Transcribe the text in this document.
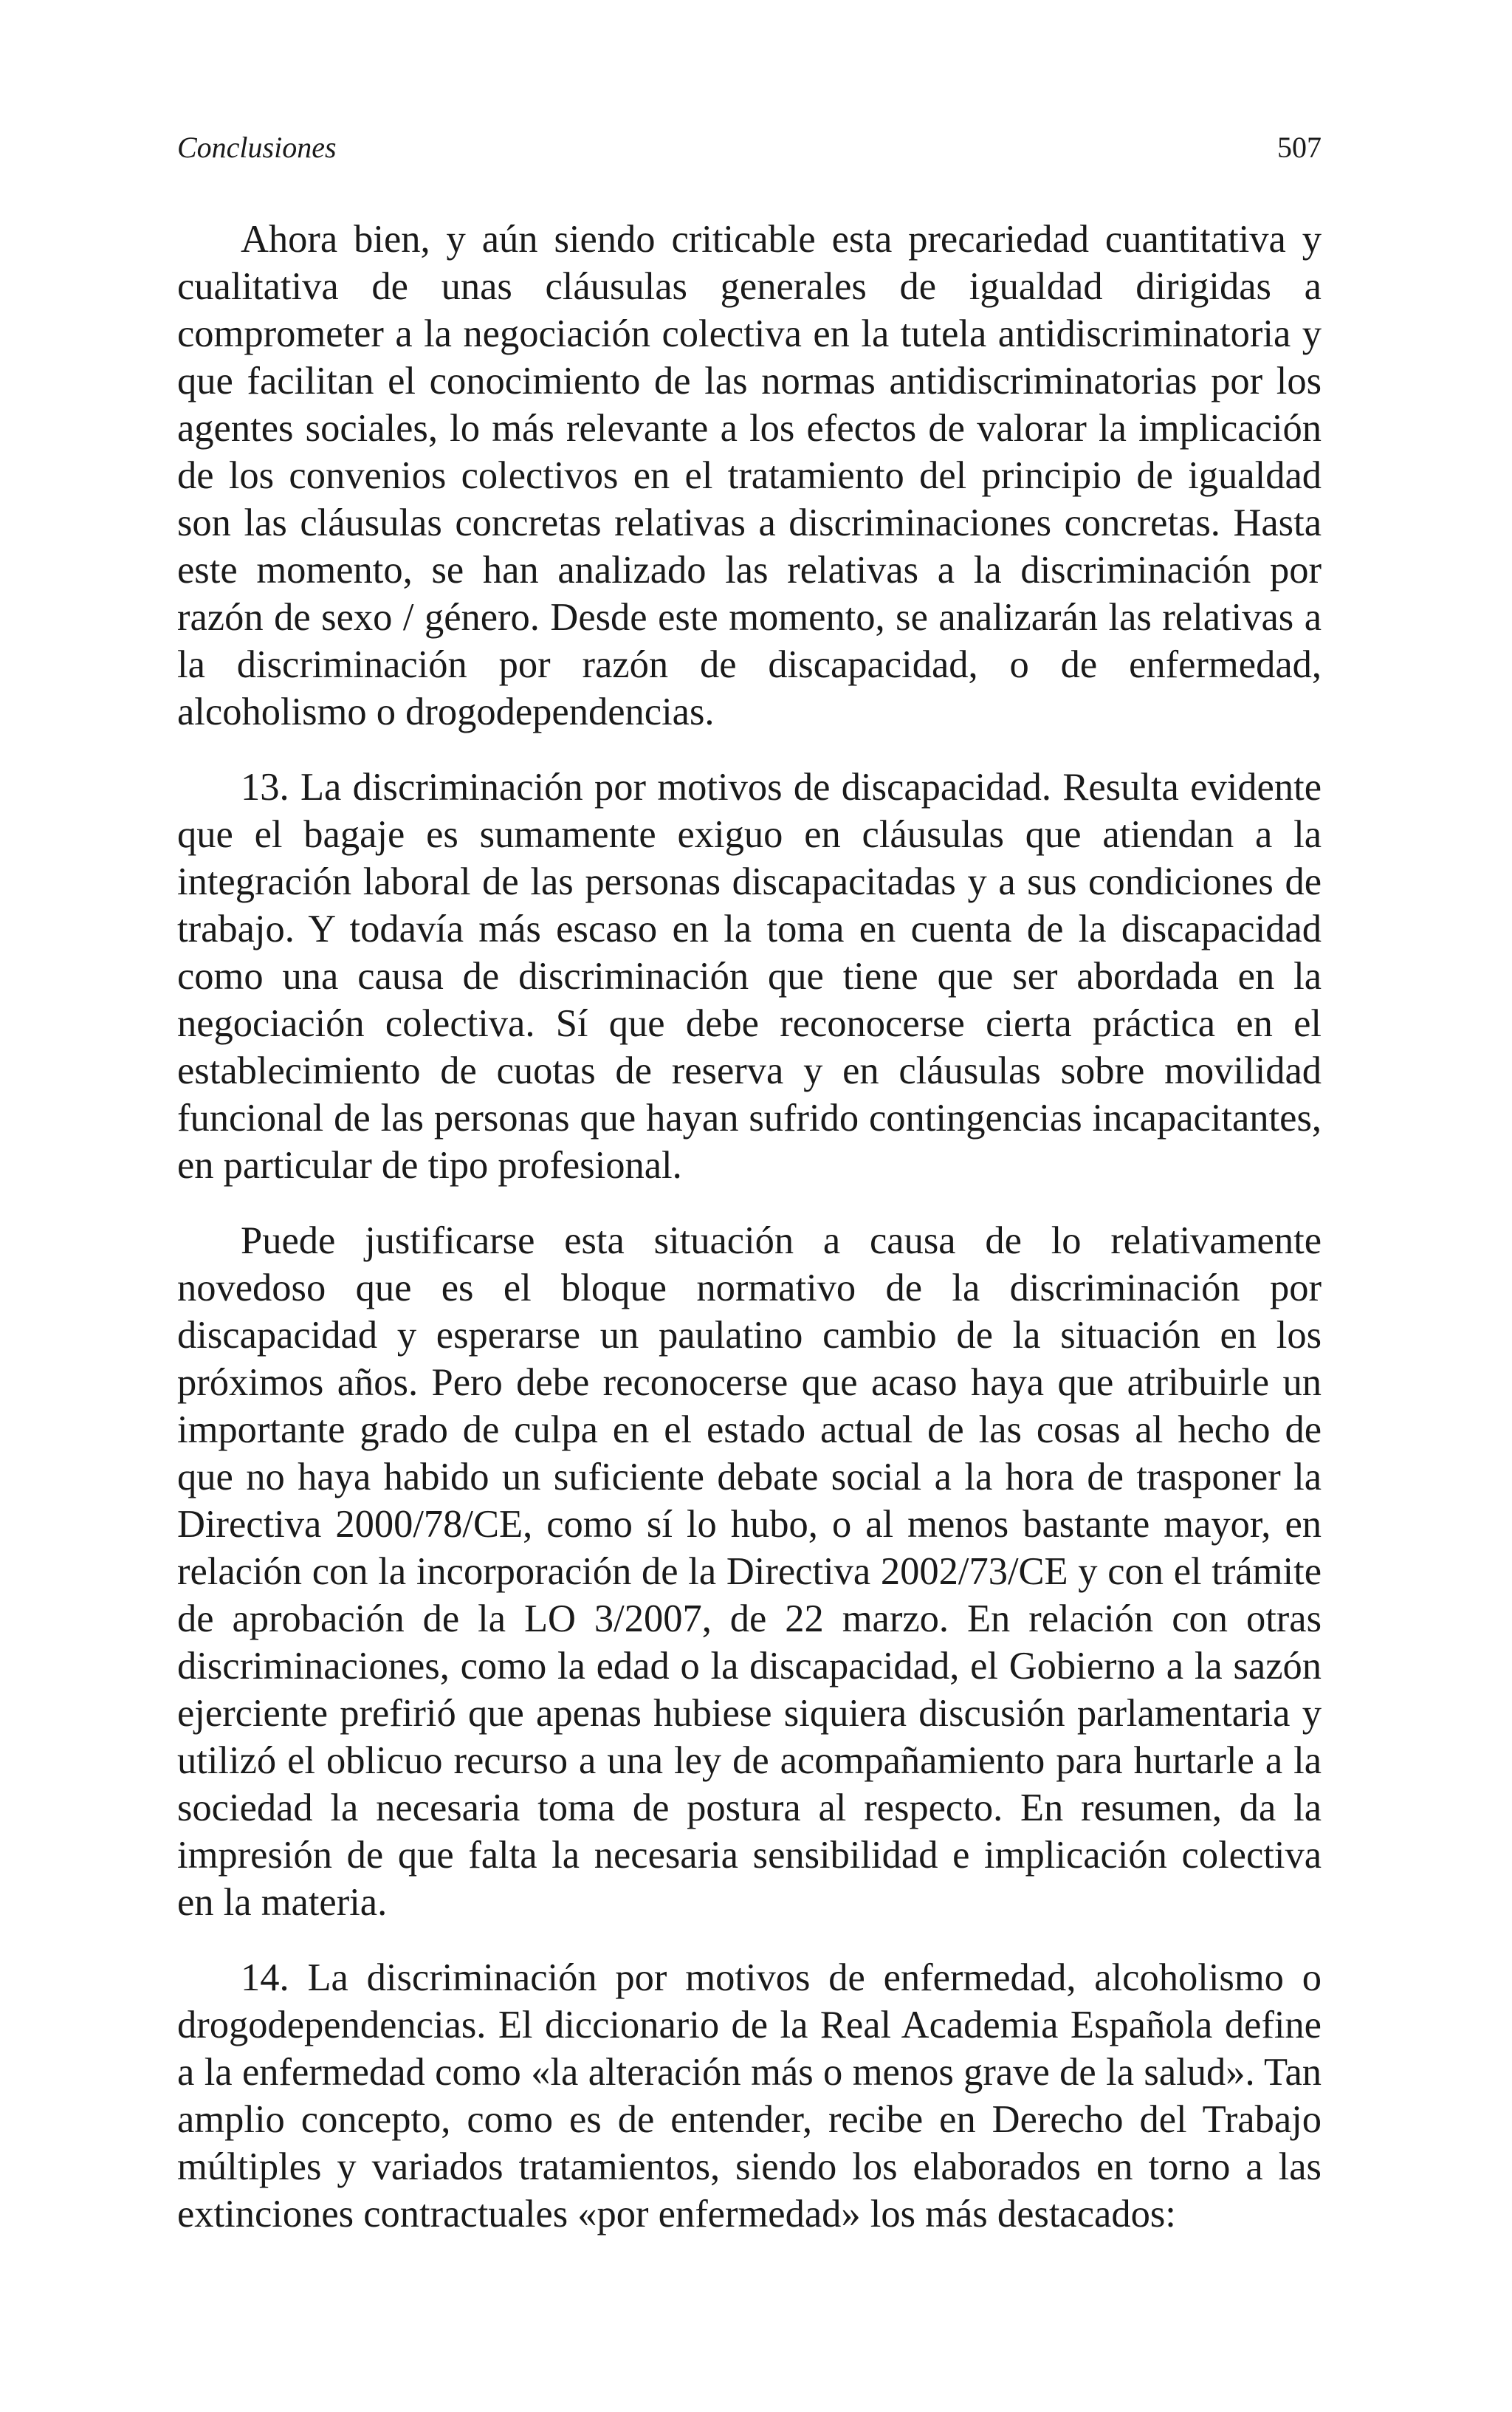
Conclusiones	507

Ahora bien, y aún siendo criticable esta precariedad cuantitativa y cualitativa de unas cláusulas generales de igualdad dirigidas a comprometer a la negociación colectiva en la tutela antidiscriminatoria y que facilitan el conocimiento de las normas antidiscriminatorias por los agentes sociales, lo más relevante a los efectos de valorar la implicación de los convenios colectivos en el tratamiento del principio de igualdad son las cláusulas concretas relativas a discriminaciones concretas. Hasta este momento, se han analizado las relativas a la discriminación por razón de sexo / género. Desde este momento, se analizarán las relativas a la discriminación por razón de discapacidad, o de enfermedad, alcoholismo o drogodependencias.

13. La discriminación por motivos de discapacidad. Resulta evidente que el bagaje es sumamente exiguo en cláusulas que atiendan a la integración laboral de las personas discapacitadas y a sus condiciones de trabajo. Y todavía más escaso en la toma en cuenta de la discapacidad como una causa de discriminación que tiene que ser abordada en la negociación colectiva. Sí que debe reconocerse cierta práctica en el establecimiento de cuotas de reserva y en cláusulas sobre movilidad funcional de las personas que hayan sufrido contingencias incapacitantes, en particular de tipo profesional.

Puede justificarse esta situación a causa de lo relativamente novedoso que es el bloque normativo de la discriminación por discapacidad y esperarse un paulatino cambio de la situación en los próximos años. Pero debe reconocerse que acaso haya que atribuirle un importante grado de culpa en el estado actual de las cosas al hecho de que no haya habido un suficiente debate social a la hora de trasponer la Directiva 2000/78/CE, como sí lo hubo, o al menos bastante mayor, en relación con la incorporación de la Directiva 2002/73/CE y con el trámite de aprobación de la LO 3/2007, de 22 marzo. En relación con otras discriminaciones, como la edad o la discapacidad, el Gobierno a la sazón ejerciente prefirió que apenas hubiese siquiera discusión parlamentaria y utilizó el oblicuo recurso a una ley de acompañamiento para hurtarle a la sociedad la necesaria toma de postura al respecto. En resumen, da la impresión de que falta la necesaria sensibilidad e implicación colectiva en la materia.

14. La discriminación por motivos de enfermedad, alcoholismo o drogodependencias. El diccionario de la Real Academia Española define a la enfermedad como «la alteración más o menos grave de la salud». Tan amplio concepto, como es de entender, recibe en Derecho del Trabajo múltiples y variados tratamientos, siendo los elaborados en torno a las extinciones contractuales «por enfermedad» los más destacados:
